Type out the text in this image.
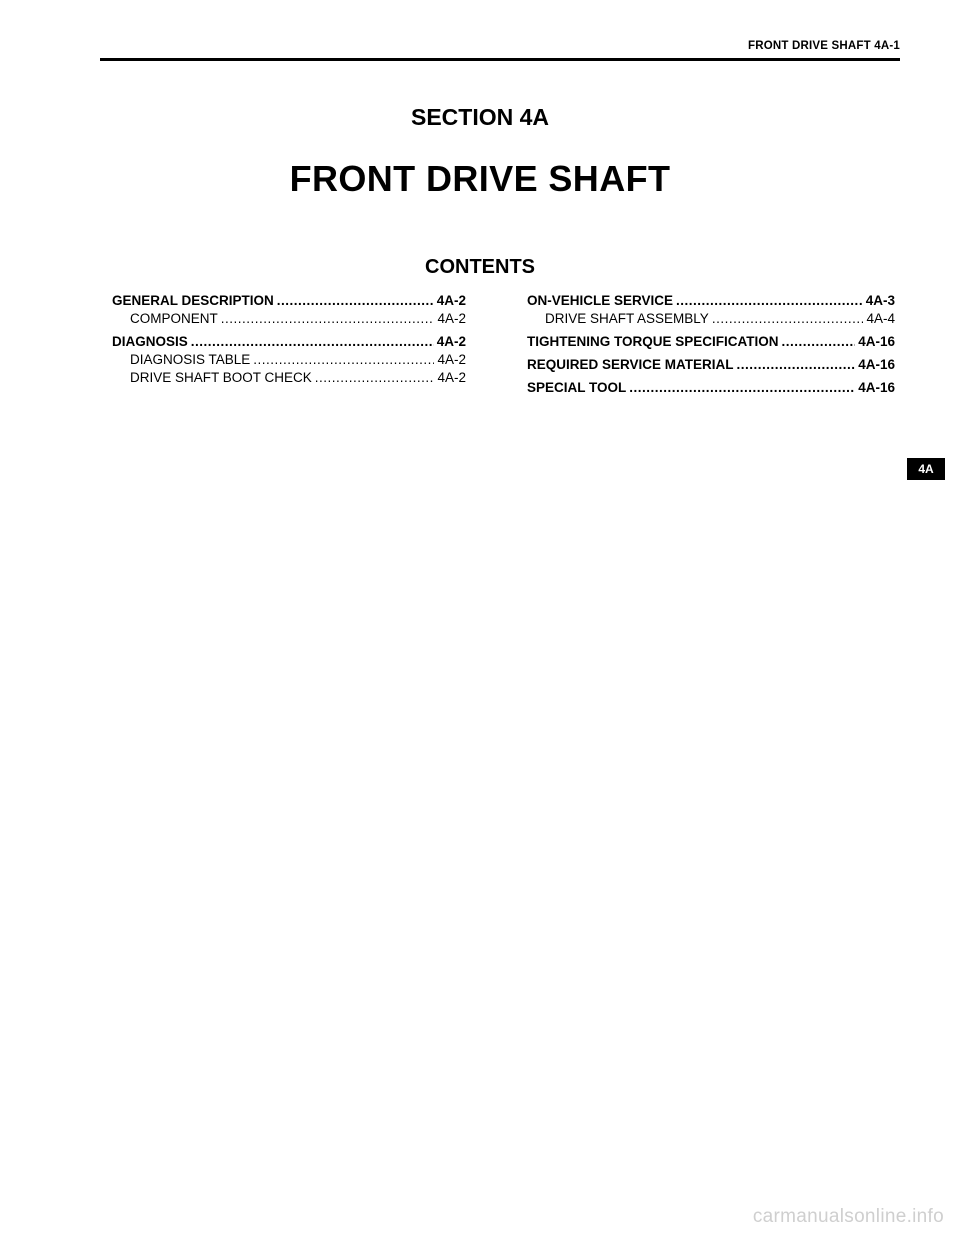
FRONT DRIVE SHAFT 4A-1
SECTION 4A
FRONT DRIVE SHAFT
CONTENTS
GENERAL DESCRIPTION .....	4A-2
COMPONENT .....	4A-2
DIAGNOSIS .....	4A-2
DIAGNOSIS TABLE .....	4A-2
DRIVE SHAFT BOOT CHECK .....	4A-2
ON-VEHICLE SERVICE .....	4A-3
DRIVE SHAFT ASSEMBLY .....	4A-4
TIGHTENING TORQUE SPECIFICATION .....	4A-16
REQUIRED SERVICE MATERIAL .....	4A-16
SPECIAL TOOL .....	4A-16
4A
carmanualsonline.info
